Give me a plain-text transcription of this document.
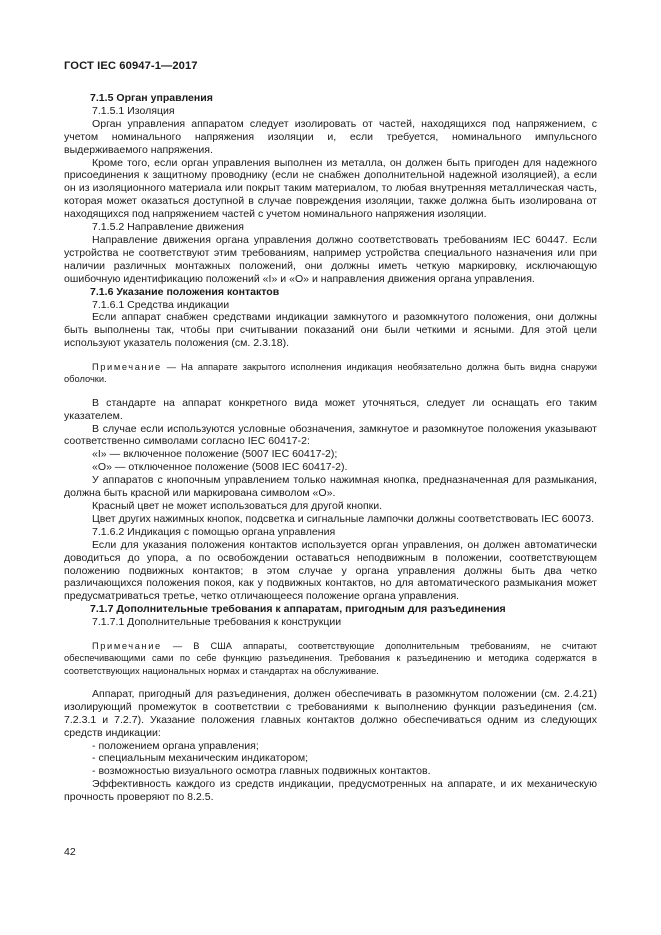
ГОСТ IEC 60947-1—2017

7.1.5 Орган управления

7.1.5.1 Изоляция

Орган управления аппаратом следует изолировать от частей, находящихся под напряжением, с учетом номинального напряжения изоляции и, если требуется, номинального импульсного выдерживаемого напряжения.

Кроме того, если орган управления выполнен из металла, он должен быть пригоден для надежного присоединения к защитному проводнику (если не снабжен дополнительной надежной изоляцией), а если он из изоляционного материала или покрыт таким материалом, то любая внутренняя металлическая часть, которая может оказаться доступной в случае повреждения изоляции, также должна быть изолирована от находящихся под напряжением частей с учетом номинального напряжения изоляции.

7.1.5.2 Направление движения

Направление движения органа управления должно соответствовать требованиям IEC 60447. Если устройства не соответствуют этим требованиям, например устройства специального назначения или при наличии различных монтажных положений, они должны иметь четкую маркировку, исключающую ошибочную идентификацию положений «I» и «O» и направления движения органа управления.

7.1.6 Указание положения контактов

7.1.6.1 Средства индикации

Если аппарат снабжен средствами индикации замкнутого и разомкнутого положения, они должны быть выполнены так, чтобы при считывании показаний они были четкими и ясными. Для этой цели используют указатель положения (см. 2.3.18).

Примечание — На аппарате закрытого исполнения индикация необязательно должна быть видна снаружи оболочки.

В стандарте на аппарат конкретного вида может уточняться, следует ли оснащать его таким указателем.

В случае если используются условные обозначения, замкнутое и разомкнутое положения указывают соответственно символами согласно IEC 60417-2:

«I» — включенное положение (5007 IEC 60417-2);

«O» — отключенное положение (5008 IEC 60417-2).

У аппаратов с кнопочным управлением только нажимная кнопка, предназначенная для размыкания, должна быть красной или маркирована символом «O».

Красный цвет не может использоваться для другой кнопки.

Цвет других нажимных кнопок, подсветка и сигнальные лампочки должны соответствовать IEC 60073.

7.1.6.2 Индикация с помощью органа управления

Если для указания положения контактов используется орган управления, он должен автоматически доводиться до упора, а по освобождении оставаться неподвижным в положении, соответствующем положению подвижных контактов; в этом случае у органа управления должны быть два четко различающихся положения покоя, как у подвижных контактов, но для автоматического размыкания может предусматриваться третье, четко отличающееся положение органа управления.

7.1.7 Дополнительные требования к аппаратам, пригодным для разъединения

7.1.7.1 Дополнительные требования к конструкции

Примечание — В США аппараты, соответствующие дополнительным требованиям, не считают обеспечивающими сами по себе функцию разъединения. Требования к разъединению и методика содержатся в соответствующих национальных нормах и стандартах на обслуживание.

Аппарат, пригодный для разъединения, должен обеспечивать в разомкнутом положении (см. 2.4.21) изолирующий промежуток в соответствии с требованиями к выполнению функции разъединения (см. 7.2.3.1 и 7.2.7). Указание положения главных контактов должно обеспечиваться одним из следующих средств индикации:

- положением органа управления;

- специальным механическим индикатором;

- возможностью визуального осмотра главных подвижных контактов.

Эффективность каждого из средств индикации, предусмотренных на аппарате, и их механическую прочность проверяют по 8.2.5.

42
